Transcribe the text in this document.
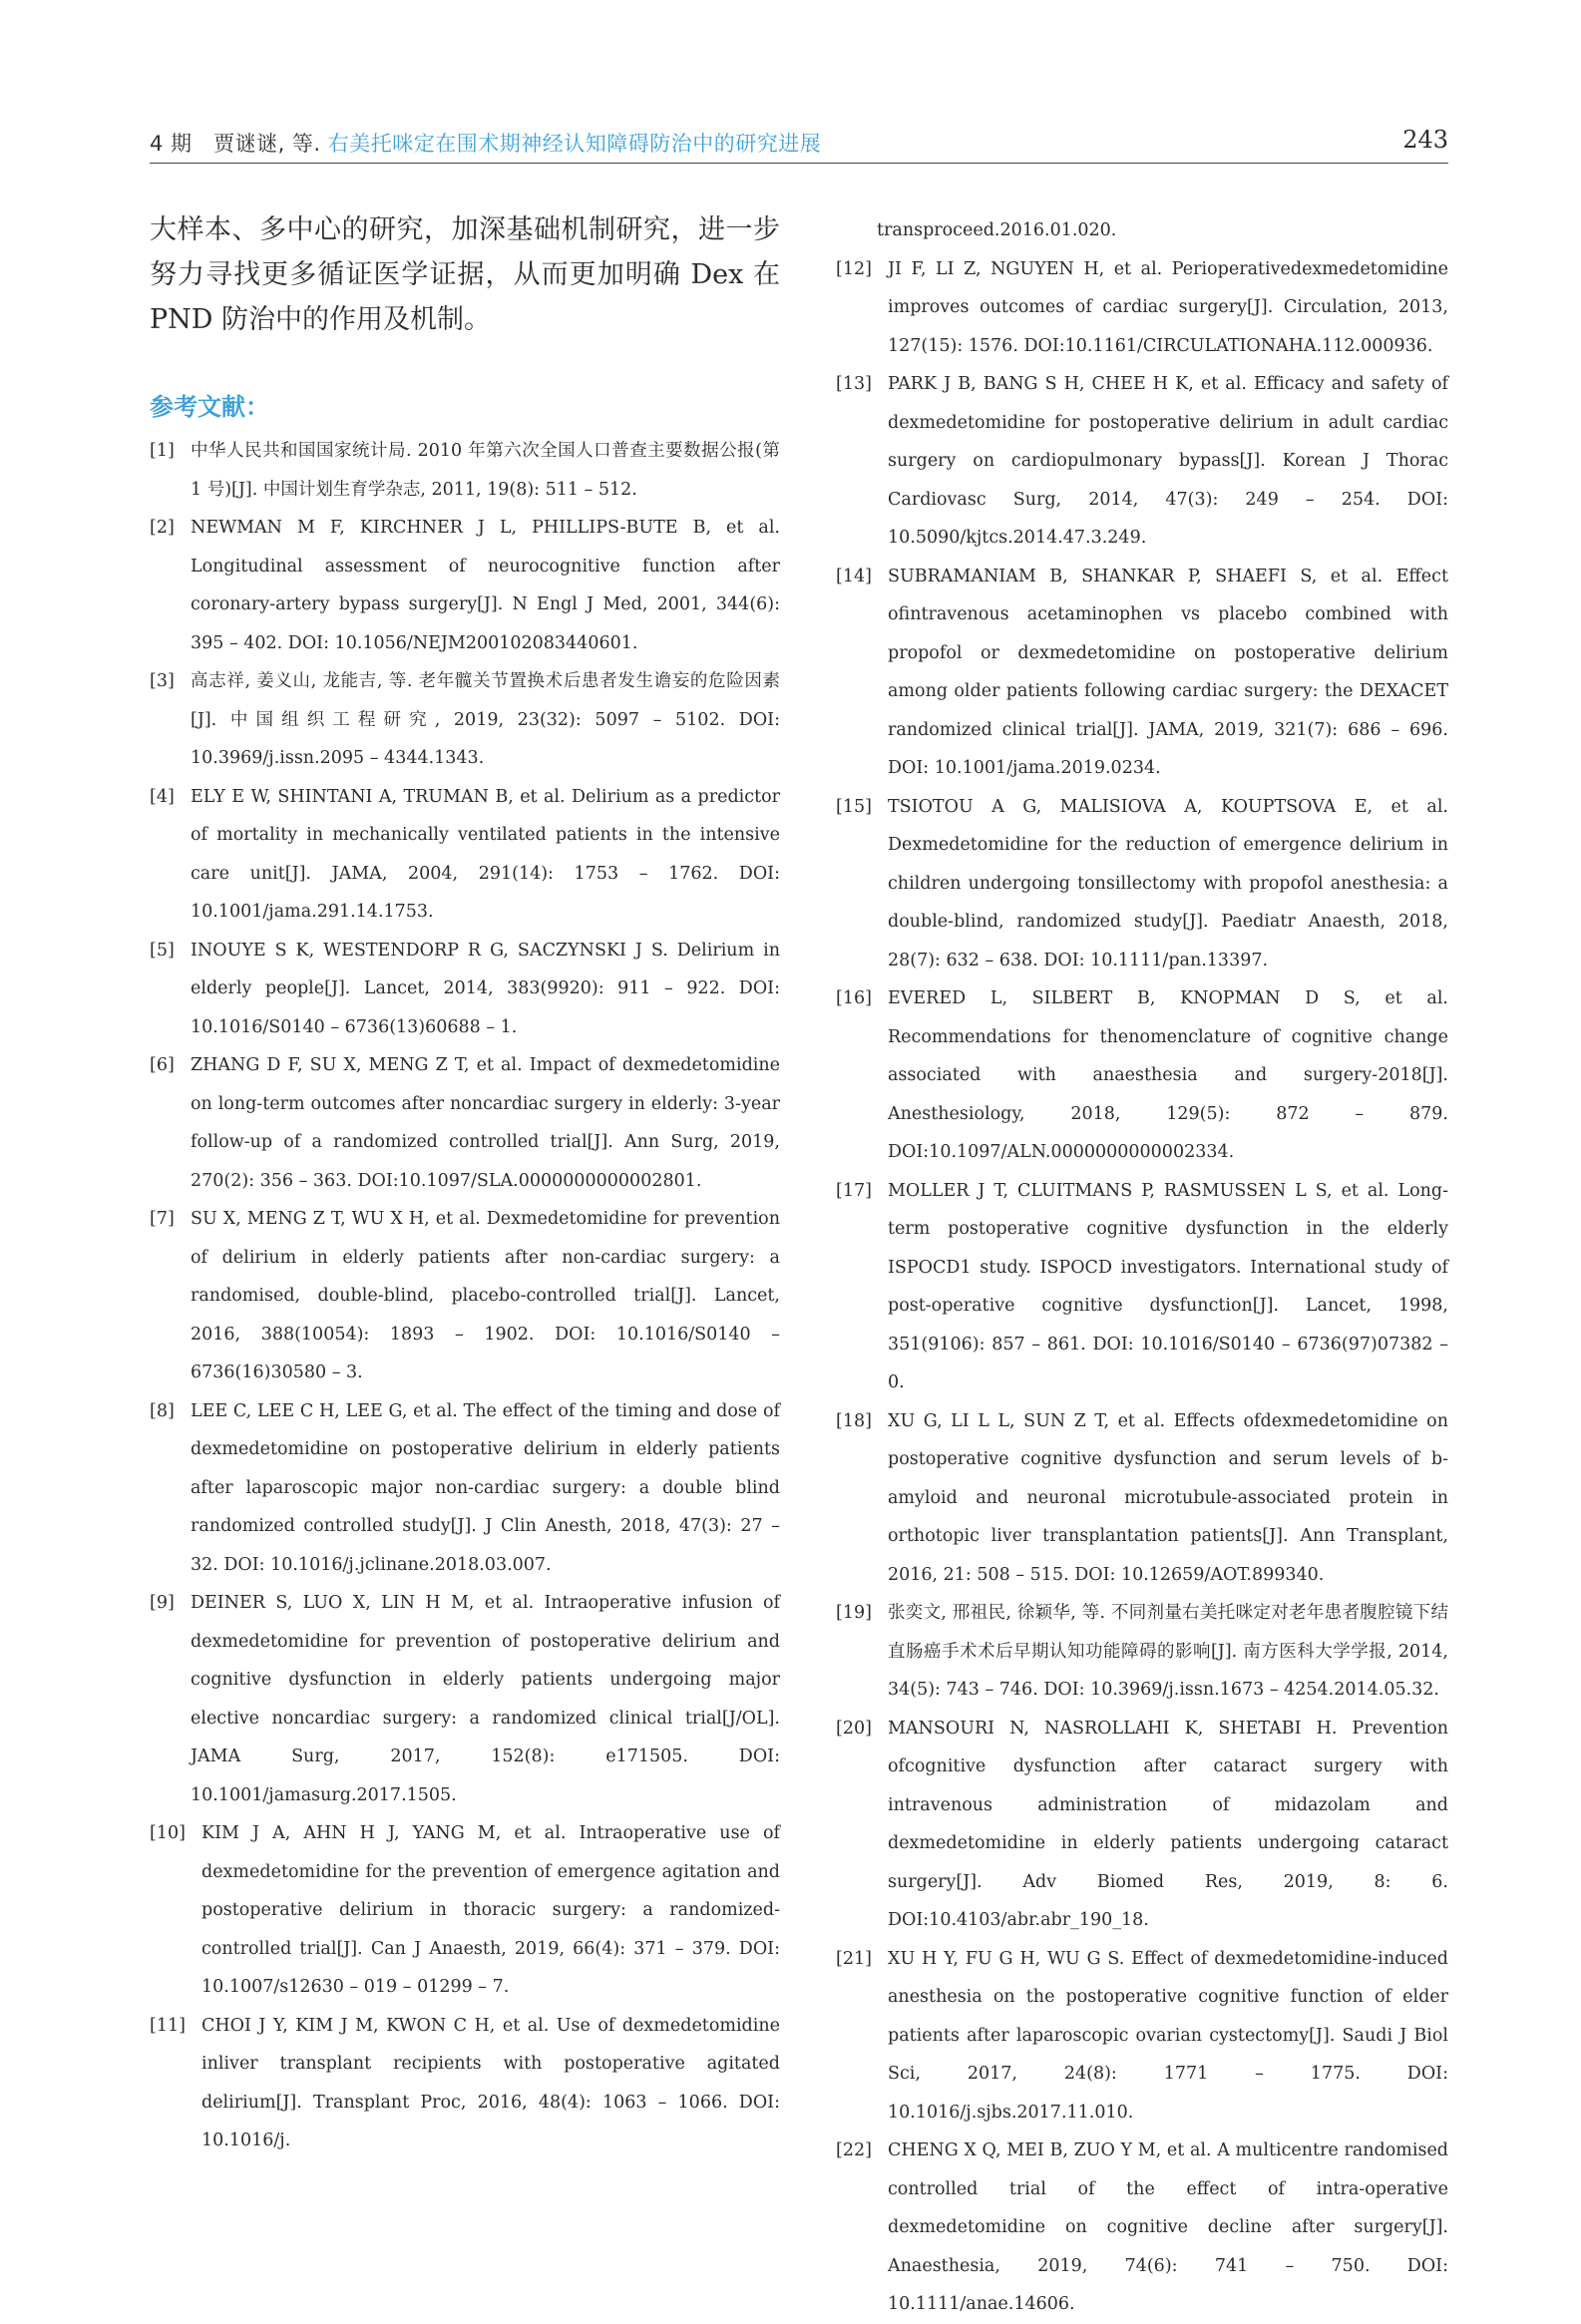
4 期 贾谜谜, 等. 右美托咪定在围术期神经认知障碍防治中的研究进展	243

大样本、多中心的研究，加深基础机制研究，进一步努力寻找更多循证医学证据，从而更加明确 Dex 在 PND 防治中的作用及机制。

参考文献：
[1] 中华人民共和国国家统计局. 2010 年第六次全国人口普查主要数据公报(第 1 号)[J]. 中国计划生育学杂志, 2011, 19(8): 511 – 512.
[2] NEWMAN M F, KIRCHNER J L, PHILLIPS-BUTE B, et al. Longitudinal assessment of neurocognitive function after coronary-artery bypass surgery[J]. N Engl J Med, 2001, 344(6): 395 – 402. DOI: 10.1056/NEJM200102083440601.
[3] 高志祥, 姜义山, 龙能吉, 等. 老年髋关节置换术后患者发生谵妄的危险因素[J]. 中国组织工程研究, 2019, 23(32): 5097 – 5102. DOI: 10.3969/j.issn.2095 – 4344.1343.
[4] ELY E W, SHINTANI A, TRUMAN B, et al. Delirium as a predictor of mortality in mechanically ventilated patients in the intensive care unit[J]. JAMA, 2004, 291(14): 1753 – 1762. DOI: 10.1001/jama.291.14.1753.
[5] INOUYE S K, WESTENDORP R G, SACZYNSKI J S. Delirium in elderly people[J]. Lancet, 2014, 383(9920): 911 – 922. DOI: 10.1016/S0140 – 6736(13)60688 – 1.
[6] ZHANG D F, SU X, MENG Z T, et al. Impact of dexmedetomidine on long-term outcomes after noncardiac surgery in elderly: 3-year follow-up of a randomized controlled trial[J]. Ann Surg, 2019, 270(2): 356 – 363. DOI:10.1097/SLA.0000000000002801.
[7] SU X, MENG Z T, WU X H, et al. Dexmedetomidine for prevention of delirium in elderly patients after non-cardiac surgery: a randomised, double-blind, placebo-controlled trial[J]. Lancet, 2016, 388(10054): 1893 – 1902. DOI: 10.1016/S0140 – 6736(16)30580 – 3.
[8] LEE C, LEE C H, LEE G, et al. The effect of the timing and dose of dexmedetomidine on postoperative delirium in elderly patients after laparoscopic major non-cardiac surgery: a double blind randomized controlled study[J]. J Clin Anesth, 2018, 47(3): 27 – 32. DOI: 10.1016/j.jclinane.2018.03.007.
[9] DEINER S, LUO X, LIN H M, et al. Intraoperative infusion of dexmedetomidine for prevention of postoperative delirium and cognitive dysfunction in elderly patients undergoing major elective noncardiac surgery: a randomized clinical trial[J/OL]. JAMA Surg, 2017, 152(8): e171505. DOI: 10.1001/jamasurg.2017.1505.
[10] KIM J A, AHN H J, YANG M, et al. Intraoperative use of dexmedetomidine for the prevention of emergence agitation and postoperative delirium in thoracic surgery: a randomized-controlled trial[J]. Can J Anaesth, 2019, 66(4): 371 – 379. DOI: 10.1007/s12630 – 019 – 01299 – 7.
[11] CHOI J Y, KIM J M, KWON C H, et al. Use of dexmedetomidine inliver transplant recipients with postoperative agitated delirium[J]. Transplant Proc, 2016, 48(4): 1063 – 1066. DOI: 10.1016/j.
transproceed.2016.01.020.
[12] JI F, LI Z, NGUYEN H, et al. Perioperativedexmedetomidine improves outcomes of cardiac surgery[J]. Circulation, 2013, 127(15): 1576. DOI:10.1161/CIRCULATIONAHA.112.000936.
[13] PARK J B, BANG S H, CHEE H K, et al. Efficacy and safety of dexmedetomidine for postoperative delirium in adult cardiac surgery on cardiopulmonary bypass[J]. Korean J Thorac Cardiovasc Surg, 2014, 47(3): 249 – 254. DOI: 10.5090/kjtcs.2014.47.3.249.
[14] SUBRAMANIAM B, SHANKAR P, SHAEFI S, et al. Effect ofintravenous acetaminophen vs placebo combined with propofol or dexmedetomidine on postoperative delirium among older patients following cardiac surgery: the DEXACET randomized clinical trial[J]. JAMA, 2019, 321(7): 686 – 696. DOI: 10.1001/jama.2019.0234.
[15] TSIOTOU A G, MALISIOVA A, KOUPTSOVA E, et al. Dexmedetomidine for the reduction of emergence delirium in children undergoing tonsillectomy with propofol anesthesia: a double-blind, randomized study[J]. Paediatr Anaesth, 2018, 28(7): 632 – 638. DOI: 10.1111/pan.13397.
[16] EVERED L, SILBERT B, KNOPMAN D S, et al. Recommendations for thenomenclature of cognitive change associated with anaesthesia and surgery-2018[J]. Anesthesiology, 2018, 129(5): 872 – 879. DOI:10.1097/ALN.0000000000002334.
[17] MOLLER J T, CLUITMANS P, RASMUSSEN L S, et al. Long-term postoperative cognitive dysfunction in the elderly ISPOCD1 study. ISPOCD investigators. International study of post-operative cognitive dysfunction[J]. Lancet, 1998, 351(9106): 857 – 861. DOI: 10.1016/S0140 – 6736(97)07382 – 0.
[18] XU G, LI L L, SUN Z T, et al. Effects ofdexmedetomidine on postoperative cognitive dysfunction and serum levels of b-amyloid and neuronal microtubule-associated protein in orthotopic liver transplantation patients[J]. Ann Transplant, 2016, 21: 508 – 515. DOI: 10.12659/AOT.899340.
[19] 张奕文, 邢祖民, 徐颖华, 等. 不同剂量右美托咪定对老年患者腹腔镜下结直肠癌手术术后早期认知功能障碍的影响[J]. 南方医科大学学报, 2014, 34(5): 743 – 746. DOI: 10.3969/j.issn.1673 – 4254.2014.05.32.
[20] MANSOURI N, NASROLLAHI K, SHETABI H. Prevention ofcognitive dysfunction after cataract surgery with intravenous administration of midazolam and dexmedetomidine in elderly patients undergoing cataract surgery[J]. Adv Biomed Res, 2019, 8: 6. DOI:10.4103/abr.abr_190_18.
[21] XU H Y, FU G H, WU G S. Effect of dexmedetomidine-induced anesthesia on the postoperative cognitive function of elder patients after laparoscopic ovarian cystectomy[J]. Saudi J Biol Sci, 2017, 24(8): 1771 – 1775. DOI: 10.1016/j.sjbs.2017.11.010.
[22] CHENG X Q, MEI B, ZUO Y M, et al. A multicentre randomised controlled trial of the effect of intra-operative dexmedetomidine on cognitive decline after surgery[J]. Anaesthesia, 2019, 74(6): 741 – 750. DOI: 10.1111/anae.14606.
